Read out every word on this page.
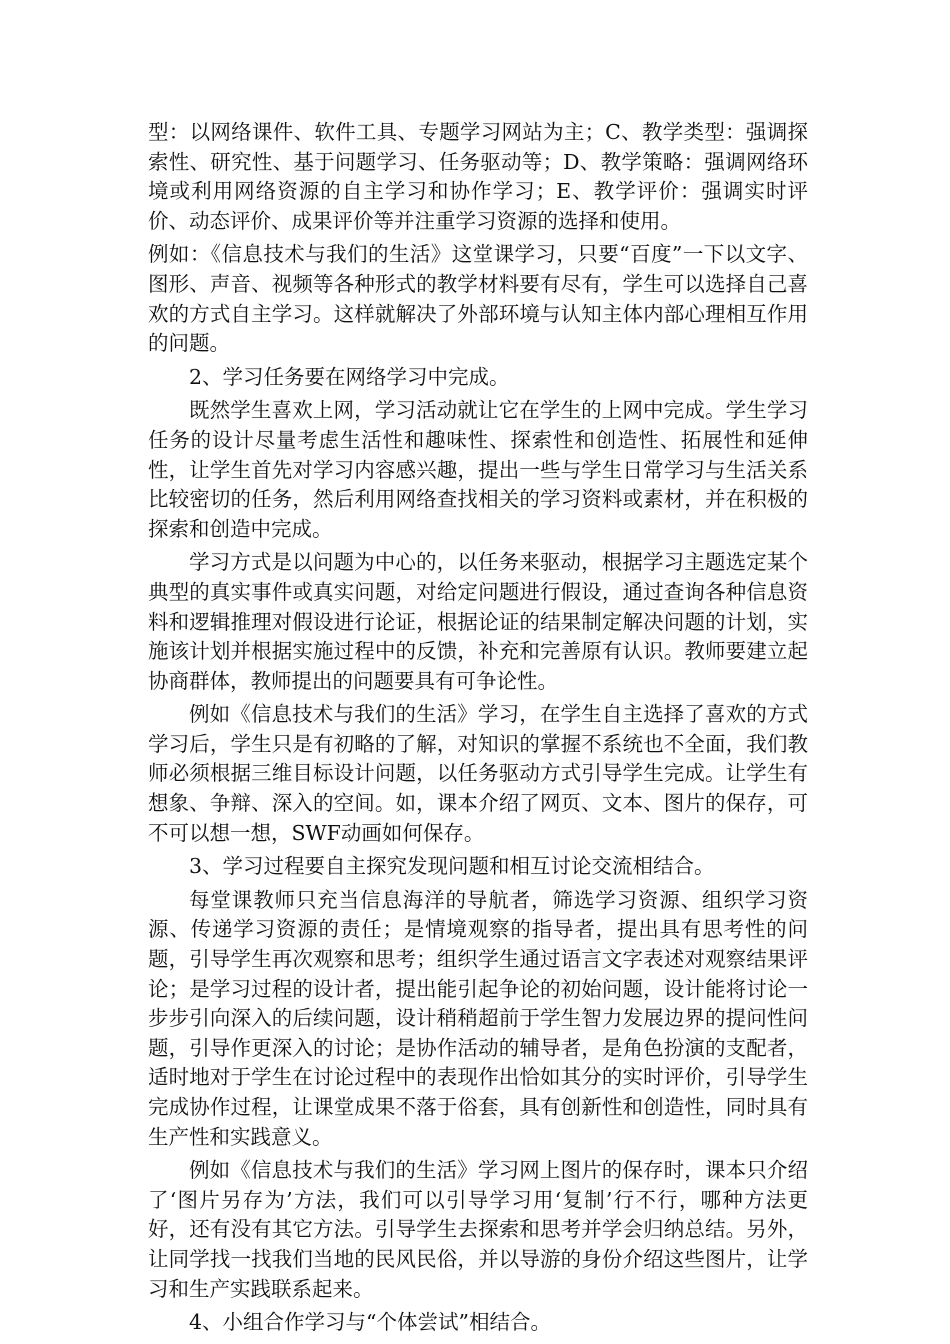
型：以网络课件、软件工具、专题学习网站为主；C、教学类型：强调探索性、研究性、基于问题学习、任务驱动等；D、教学策略：强调网络环境或利用网络资源的自主学习和协作学习；E、教学评价：强调实时评价、动态评价、成果评价等并注重学习资源的选择和使用。

例如：《信息技术与我们的生活》这堂课学习，只要“百度”一下以文字、图形、声音、视频等各种形式的教学材料要有尽有，学生可以选择自己喜欢的方式自主学习。这样就解决了外部环境与认知主体内部心理相互作用的问题。

2、学习任务要在网络学习中完成。

既然学生喜欢上网，学习活动就让它在学生的上网中完成。学生学习任务的设计尽量考虑生活性和趣味性、探索性和创造性、拓展性和延伸性，让学生首先对学习内容感兴趣，提出一些与学生日常学习与生活关系比较密切的任务，然后利用网络查找相关的学习资料或素材，并在积极的探索和创造中完成。

学习方式是以问题为中心的，以任务来驱动，根据学习主题选定某个典型的真实事件或真实问题，对给定问题进行假设，通过查询各种信息资料和逻辑推理对假设进行论证，根据论证的结果制定解决问题的计划，实施该计划并根据实施过程中的反馈，补充和完善原有认识。教师要建立起协商群体，教师提出的问题要具有可争论性。

例如《信息技术与我们的生活》学习，在学生自主选择了喜欢的方式学习后，学生只是有初略的了解，对知识的掌握不系统也不全面，我们教师必须根据三维目标设计问题，以任务驱动方式引导学生完成。让学生有想象、争辩、深入的空间。如，课本介绍了网页、文本、图片的保存，可不可以想一想，SWF动画如何保存。

3、学习过程要自主探究发现问题和相互讨论交流相结合。

每堂课教师只充当信息海洋的导航者，筛选学习资源、组织学习资源、传递学习资源的责任；是情境观察的指导者，提出具有思考性的问题，引导学生再次观察和思考；组织学生通过语言文字表述对观察结果评论；是学习过程的设计者，提出能引起争论的初始问题，设计能将讨论一步步引向深入的后续问题，设计稍稍超前于学生智力发展边界的提问性问题，引导作更深入的讨论；是协作活动的辅导者，是角色扮演的支配者，适时地对于学生在讨论过程中的表现作出恰如其分的实时评价，引导学生完成协作过程，让课堂成果不落于俗套，具有创新性和创造性，同时具有生产性和实践意义。

例如《信息技术与我们的生活》学习网上图片的保存时，课本只介绍了‘图片另存为’方法，我们可以引导学习用‘复制’行不行，哪种方法更好，还有没有其它方法。引导学生去探索和思考并学会归纳总结。另外，让同学找一找我们当地的民风民俗，并以导游的身份介绍这些图片，让学习和生产实践联系起来。

4、小组合作学习与“个体尝试”相结合。
